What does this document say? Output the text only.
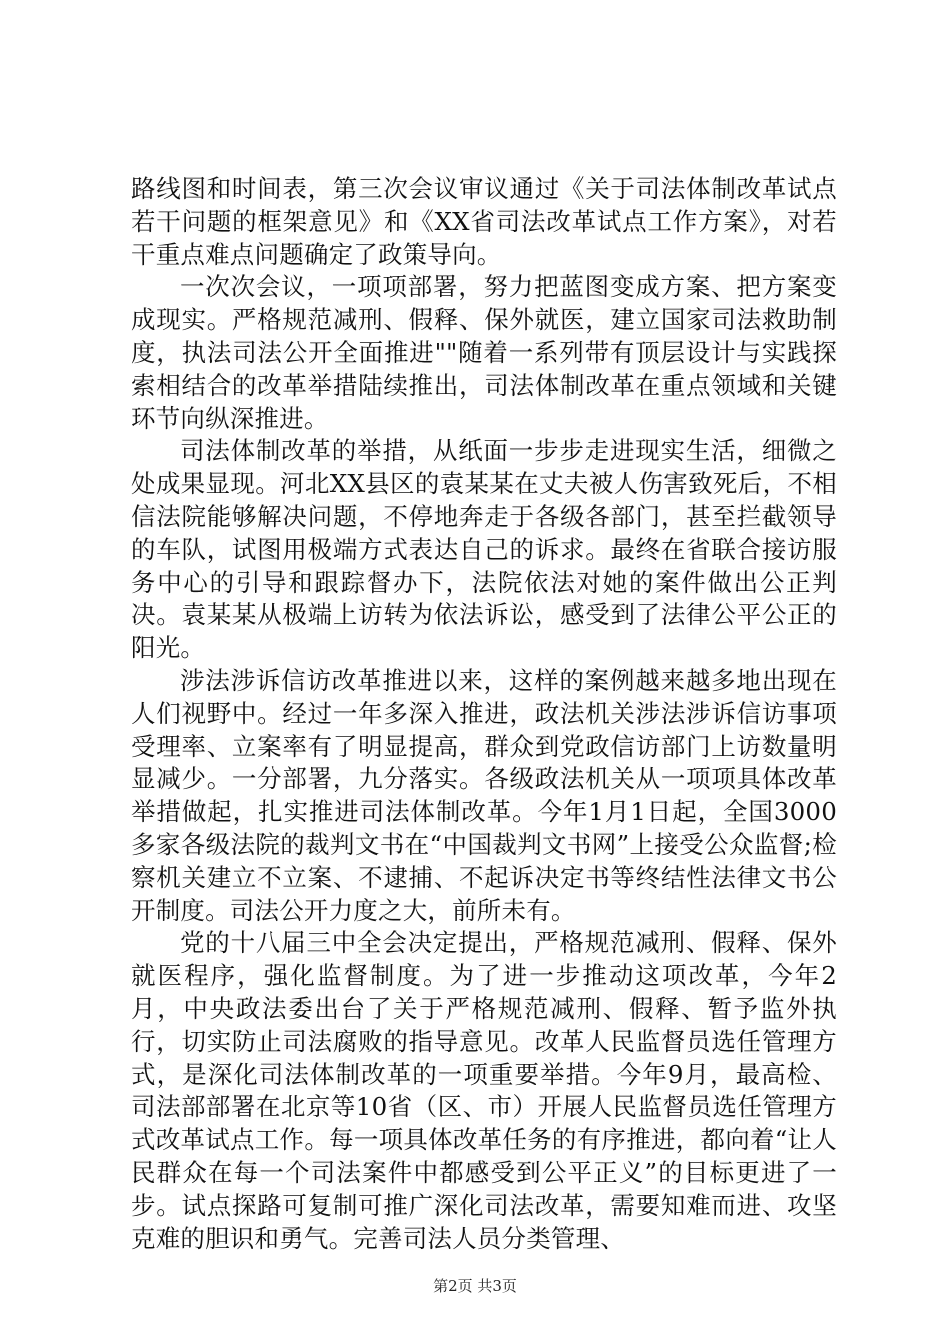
路线图和时间表，第三次会议审议通过《关于司法体制改革试点若干问题的框架意见》和《XX省司法改革试点工作方案》，对若干重点难点问题确定了政策导向。

一次次会议，一项项部署，努力把蓝图变成方案、把方案变成现实。严格规范减刑、假释、保外就医，建立国家司法救助制度，执法司法公开全面推进""随着一系列带有顶层设计与实践探索相结合的改革举措陆续推出，司法体制改革在重点领域和关键环节向纵深推进。

司法体制改革的举措，从纸面一步步走进现实生活，细微之处成果显现。河北XX县区的袁某某在丈夫被人伤害致死后，不相信法院能够解决问题，不停地奔走于各级各部门，甚至拦截领导的车队，试图用极端方式表达自己的诉求。最终在省联合接访服务中心的引导和跟踪督办下，法院依法对她的案件做出公正判决。袁某某从极端上访转为依法诉讼，感受到了法律公平公正的阳光。

涉法涉诉信访改革推进以来，这样的案例越来越多地出现在人们视野中。经过一年多深入推进，政法机关涉法涉诉信访事项受理率、立案率有了明显提高，群众到党政信访部门上访数量明显减少。一分部署，九分落实。各级政法机关从一项项具体改革举措做起，扎实推进司法体制改革。今年1月1日起，全国3000多家各级法院的裁判文书在“中国裁判文书网”上接受公众监督;检察机关建立不立案、不逮捕、不起诉决定书等终结性法律文书公开制度。司法公开力度之大，前所未有。

党的十八届三中全会决定提出，严格规范减刑、假释、保外就医程序，强化监督制度。为了进一步推动这项改革，今年2月，中央政法委出台了关于严格规范减刑、假释、暂予监外执行，切实防止司法腐败的指导意见。改革人民监督员选任管理方式，是深化司法体制改革的一项重要举措。今年9月，最高检、司法部部署在北京等10省（区、市）开展人民监督员选任管理方式改革试点工作。每一项具体改革任务的有序推进，都向着“让人民群众在每一个司法案件中都感受到公平正义”的目标更进了一步。试点探路可复制可推广深化司法改革，需要知难而进、攻坚克难的胆识和勇气。完善司法人员分类管理、

第2页 共3页
